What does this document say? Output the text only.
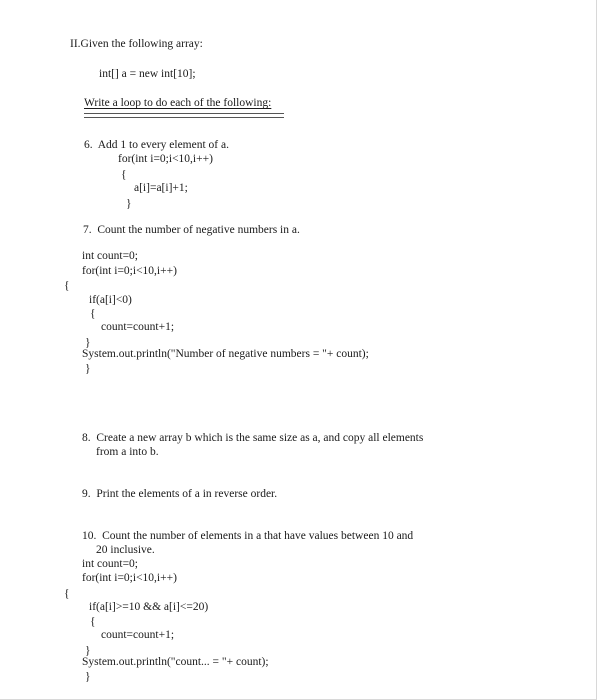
II.Given the following array:
int[] a = new int[10];
Write a loop to do each of the following:
6.  Add 1 to every element of a.
for(int i=0;i<10,i++)
{
a[i]=a[i]+1;
}
7.  Count the number of negative numbers in a.
int count=0;
for(int i=0;i<10,i++)
{
if(a[i]<0)
{
count=count+1;
}
System.out.println("Number of negative numbers = "+ count);
}
8.  Create a new array b which is the same size as a, and copy all elements
from a into b.
9.  Print the elements of a in reverse order.
10.  Count the number of elements in a that have values between 10 and
20 inclusive.
int count=0;
for(int i=0;i<10,i++)
{
if(a[i]>=10 && a[i]<=20)
{
count=count+1;
}
System.out.println("count... = "+ count);
}
